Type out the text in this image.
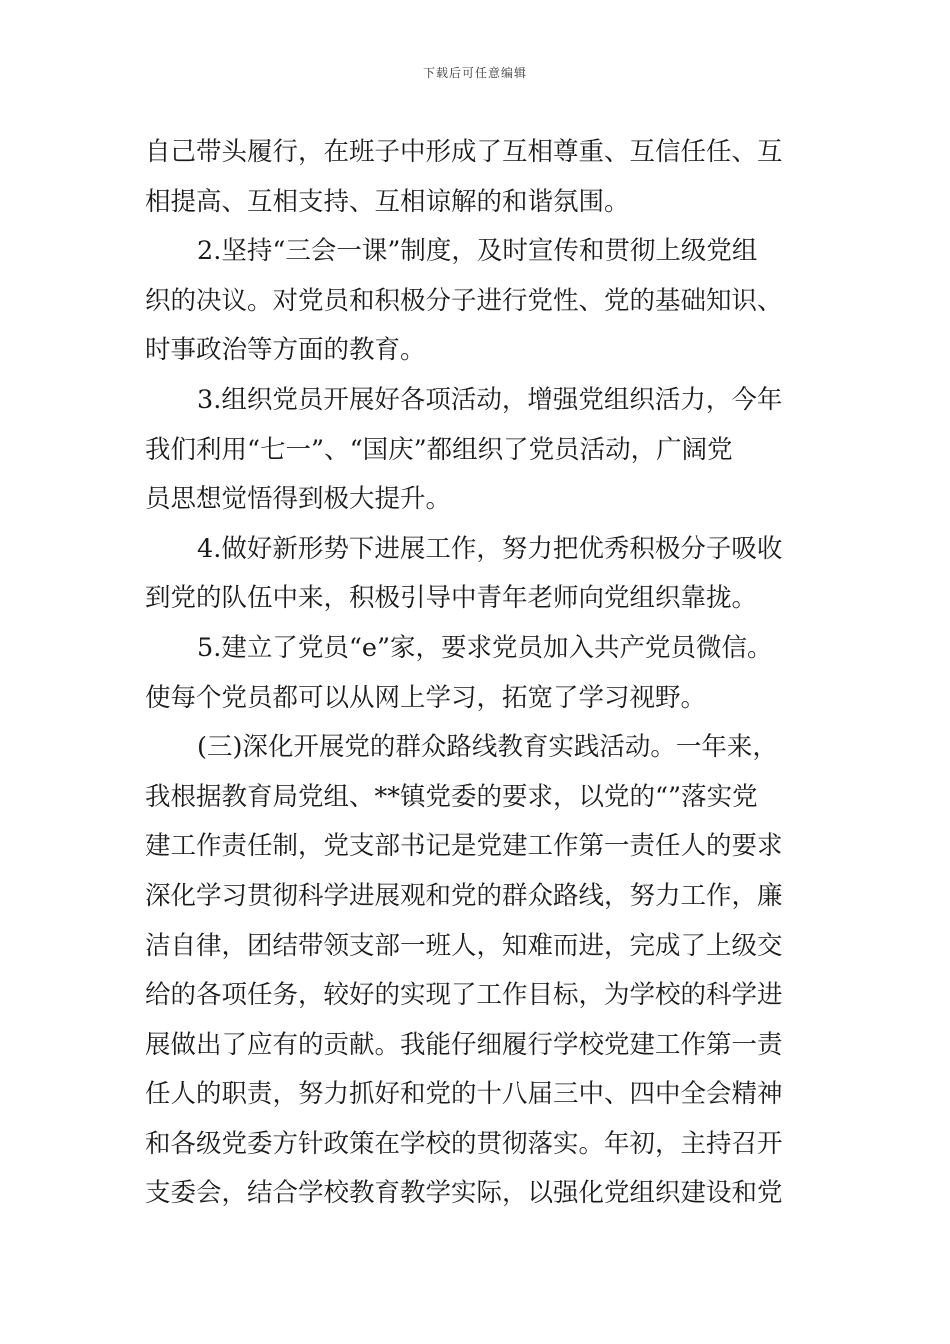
下载后可任意编辑
自己带头履行，在班子中形成了互相尊重、互信任任、互
相提高、互相支持、互相谅解的和谐氛围。
2.坚持“三会一课”制度，及时宣传和贯彻上级党组
织的决议。对党员和积极分子进行党性、党的基础知识、
时事政治等方面的教育。
3.组织党员开展好各项活动，增强党组织活力，今年
我们利用“七一”、“国庆”都组织了党员活动，广阔党
员思想觉悟得到极大提升。
4.做好新形势下进展工作，努力把优秀积极分子吸收
到党的队伍中来，积极引导中青年老师向党组织靠拢。
5.建立了党员“e”家，要求党员加入共产党员微信。
使每个党员都可以从网上学习，拓宽了学习视野。
(三)深化开展党的群众路线教育实践活动。一年来，
我根据教育局党组、**镇党委的要求，以党的“”落实党
建工作责任制，党支部书记是党建工作第一责任人的要求
深化学习贯彻科学进展观和党的群众路线，努力工作，廉
洁自律，团结带领支部一班人，知难而进，完成了上级交
给的各项任务，较好的实现了工作目标，为学校的科学进
展做出了应有的贡献。我能仔细履行学校党建工作第一责
任人的职责，努力抓好和党的十八届三中、四中全会精神
和各级党委方针政策在学校的贯彻落实。年初，主持召开
支委会，结合学校教育教学实际，以强化党组织建设和党
